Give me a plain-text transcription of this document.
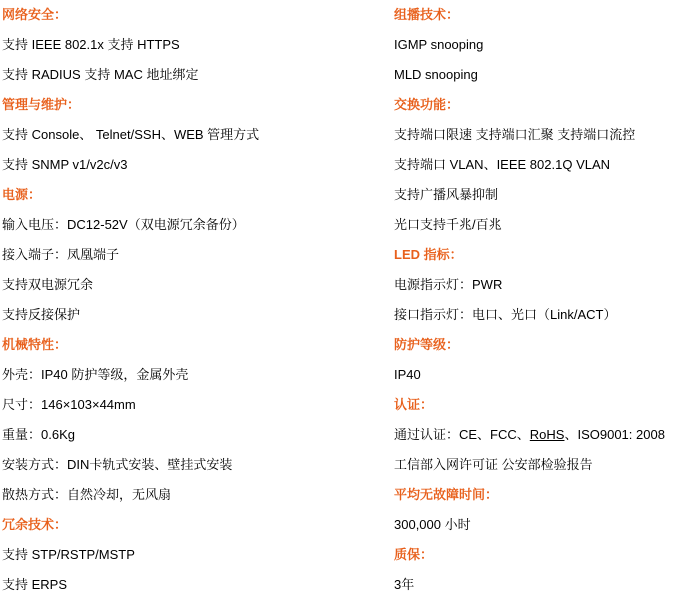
网络安全：
支持 IEEE 802.1x 支持 HTTPS
支持 RADIUS 支持 MAC 地址绑定
管理与维护：
支持 Console、 Telnet/SSH、WEB 管理方式
支持 SNMP v1/v2c/v3
电源：
输入电压：DC12-52V（双电源冗余备份）
接入端子：凤凰端子
支持双电源冗余
支持反接保护
机械特性：
外壳：IP40 防护等级，金属外壳
尺寸：146×103×44mm
重量：0.6Kg
安装方式：DIN卡轨式安装、壁挂式安装
散热方式：自然冷却，无风扇
冗余技术：
支持 STP/RSTP/MSTP
支持 ERPS
组播技术：
IGMP snooping
MLD snooping
交换功能：
支持端口限速 支持端口汇聚 支持端口流控
支持端口 VLAN、IEEE 802.1Q VLAN
支持广播风暴抑制
光口支持千兆/百兆
LED 指标：
电源指示灯：PWR
接口指示灯：电口、光口（Link/ACT）
防护等级：
IP40
认证：
通过认证：CE、FCC、RoHS、ISO9001: 2008
工信部入网许可证 公安部检验报告
平均无故障时间：
300,000 小时
质保：
3年
